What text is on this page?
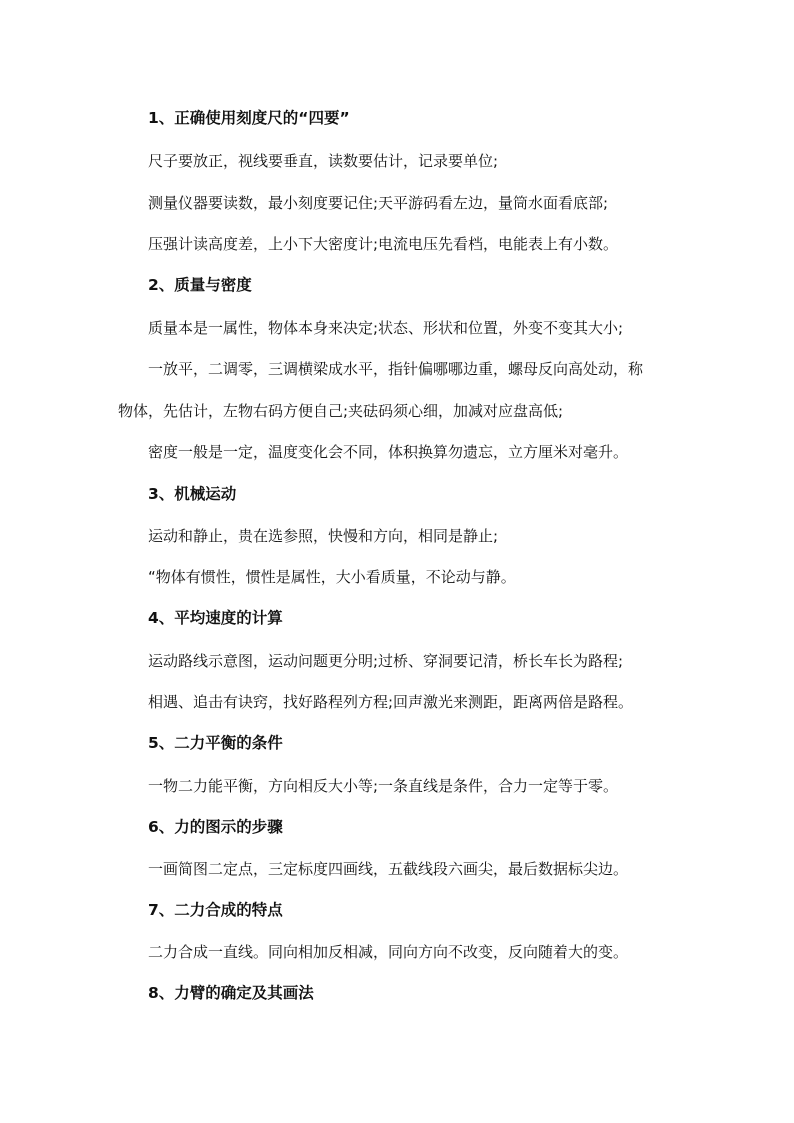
1、正确使用刻度尺的“四要”
尺子要放正，视线要垂直，读数要估计，记录要单位;
测量仪器要读数，最小刻度要记住;天平游码看左边，量筒水面看底部;
压强计读高度差，上小下大密度计;电流电压先看档，电能表上有小数。
2、质量与密度
质量本是一属性，物体本身来决定;状态、形状和位置，外变不变其大小;
一放平，二调零，三调横梁成水平，指针偏哪哪边重，螺母反向高处动，称
物体，先估计，左物右码方便自己;夹砝码须心细，加减对应盘高低;
密度一般是一定，温度变化会不同，体积换算勿遗忘，立方厘米对毫升。
3、机械运动
运动和静止，贵在选参照，快慢和方向，相同是静止;
“物体有惯性，惯性是属性，大小看质量，不论动与静。
4、平均速度的计算
运动路线示意图，运动问题更分明;过桥、穿洞要记清，桥长车长为路程;
相遇、追击有诀窍，找好路程列方程;回声激光来测距，距离两倍是路程。
5、二力平衡的条件
一物二力能平衡，方向相反大小等;一条直线是条件，合力一定等于零。
6、力的图示的步骤
一画简图二定点，三定标度四画线，五截线段六画尖，最后数据标尖边。
7、二力合成的特点
二力合成一直线。同向相加反相减，同向方向不改变，反向随着大的变。
8、力臂的确定及其画法
